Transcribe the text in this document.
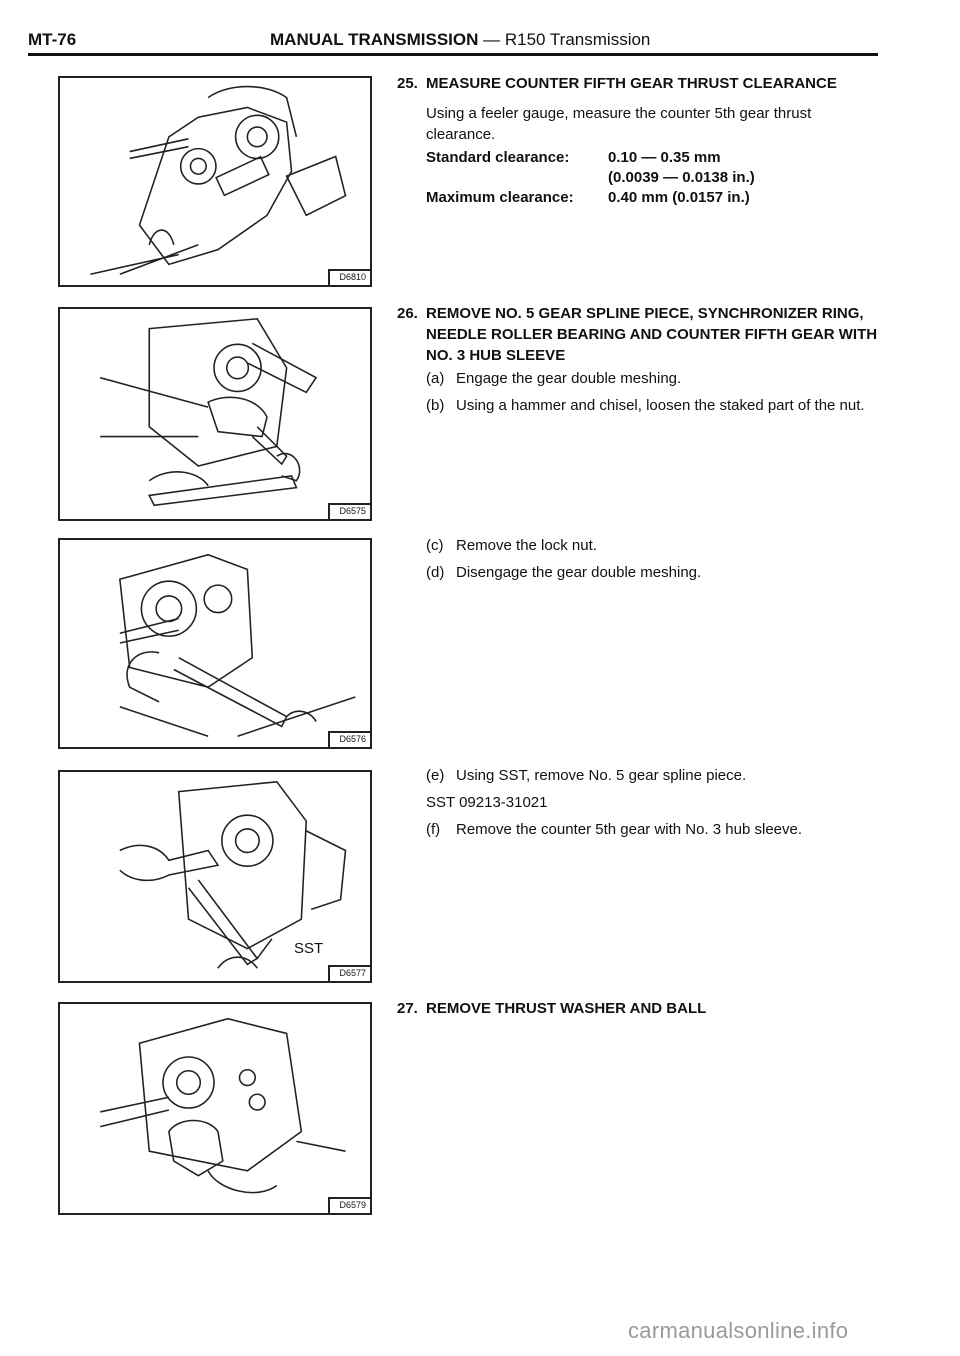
MT-76	MANUAL TRANSMISSION — R150 Transmission
D6810
D6575
D6576
SST
D6577
D6579
25. MEASURE COUNTER FIFTH GEAR THRUST CLEARANCE
Using a feeler gauge, measure the counter 5th gear thrust clearance.
Standard clearance:	0.10 — 0.35 mm
(0.0039 — 0.0138 in.)
Maximum clearance:	0.40 mm (0.0157 in.)
26. REMOVE NO. 5 GEAR SPLINE PIECE, SYNCHRONIZER RING, NEEDLE ROLLER BEARING AND COUNTER FIFTH GEAR WITH NO. 3 HUB SLEEVE
(a) Engage the gear double meshing.
(b) Using a hammer and chisel, loosen the staked part of the nut.
(c) Remove the lock nut.
(d) Disengage the gear double meshing.
(e) Using SST, remove No. 5 gear spline piece.
SST 09213-31021
(f) Remove the counter 5th gear with No. 3 hub sleeve.
27. REMOVE THRUST WASHER AND BALL
carmanualsonline.info
